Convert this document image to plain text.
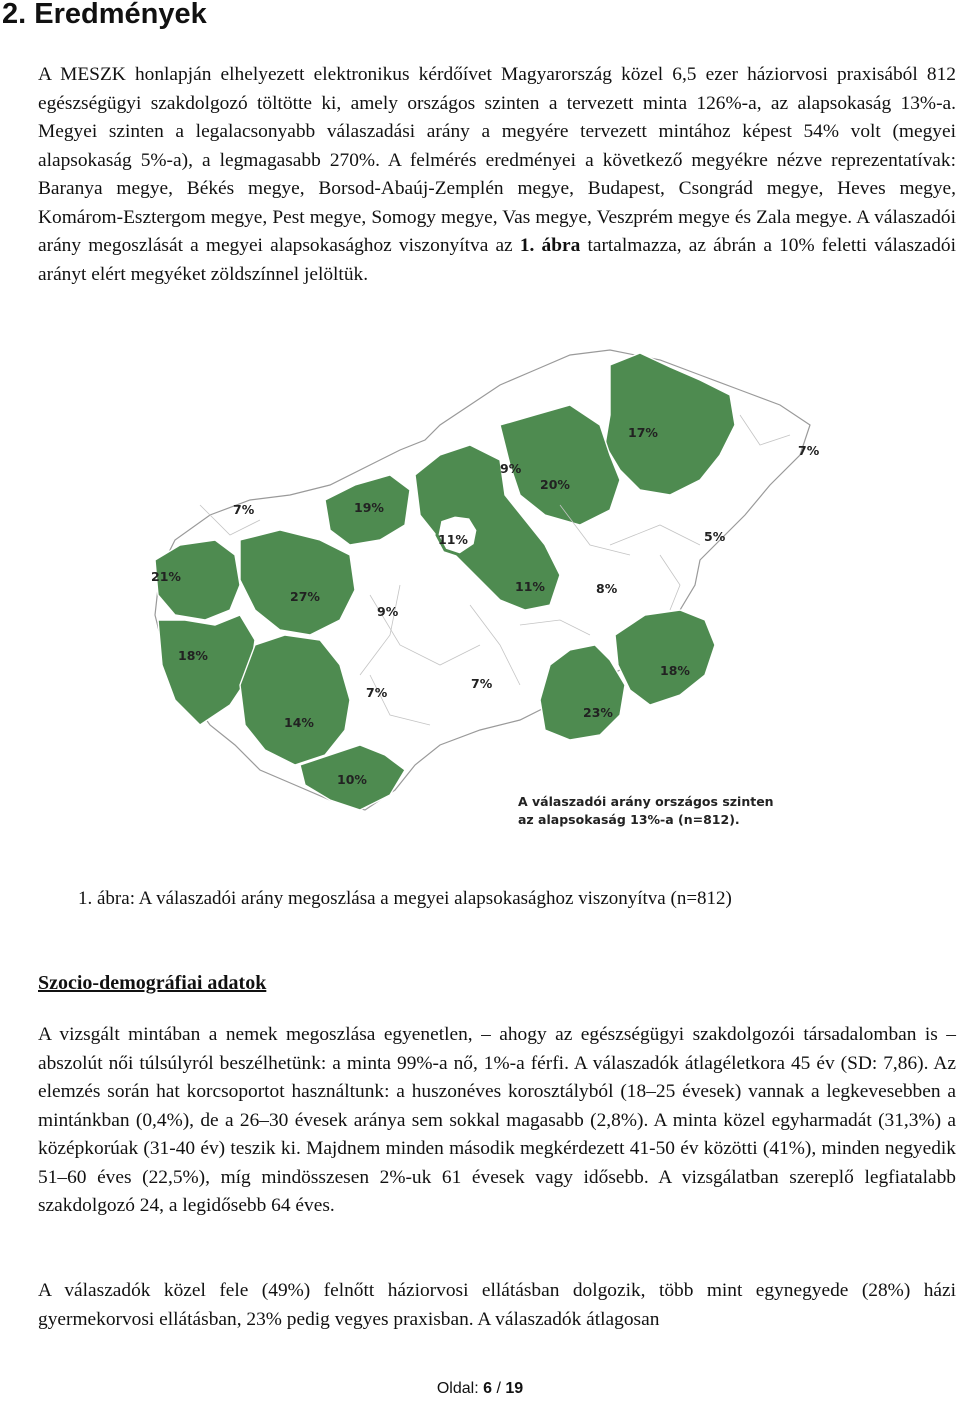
2. Eredmények

A MESZK honlapján elhelyezett elektronikus kérdőívet Magyarország közel 6,5 ezer háziorvosi praxisából 812 egészségügyi szakdolgozó töltötte ki, amely országos szinten a tervezett minta 126%-a, az alapsokaság 13%-a. Megyei szinten a legalacsonyabb válaszadási arány a megyére tervezett mintához képest 54% volt (megyei alapsokaság 5%-a), a legmagasabb 270%. A felmérés eredményei a következő megyékre nézve reprezentatívak: Baranya megye, Békés megye, Borsod-Abaúj-Zemplén megye, Budapest, Csongrád megye, Heves megye, Komárom-Esztergom megye, Pest megye, Somogy megye, Vas megye, Veszprém megye és Zala megye. A válaszadói arány megoszlását a megyei alapsokasághoz viszonyítva az 1. ábra tartalmazza, az ábrán a 10% feletti válaszadói arányt elért megyéket zöldszínnel jelöltük.

17%
7%
9%
20%
7%	19%
11%	5%
21%
27%
11%	8%
9%
18%
18%
7%
7%
23%
14%
10%
A válaszadói arány országos szinten
az alapsokaság 13%-a (n=812).

1. ábra: A válaszadói arány megoszlása a megyei alapsokasághoz viszonyítva (n=812)

Szocio-demográfiai adatok

A vizsgált mintában a nemek megoszlása egyenetlen, – ahogy az egészségügyi szakdolgozói társadalomban is – abszolút női túlsúlyról beszélhetünk: a minta 99%-a nő, 1%-a férfi. A válaszadók átlagéletkora 45 év (SD: 7,86). Az elemzés során hat korcsoportot használtunk: a huszonéves korosztályból (18–25 évesek) vannak a legkevesebben a mintánkban (0,4%), de a 26–30 évesek aránya sem sokkal magasabb (2,8%). A minta közel egyharmadát (31,3%) a középkorúak (31-40 év) teszik ki. Majdnem minden második megkérdezett 41-50 év közötti (41%), minden negyedik 51–60 éves (22,5%), míg mindösszesen 2%-uk 61 évesek vagy idősebb. A vizsgálatban szereplő legfiatalabb szakdolgozó 24, a legidősebb 64 éves.

A válaszadók közel fele (49%) felnőtt háziorvosi ellátásban dolgozik, több mint egynegyede (28%) házi gyermekorvosi ellátásban, 23% pedig vegyes praxisban. A válaszadók átlagosan

Oldal: 6 / 19
